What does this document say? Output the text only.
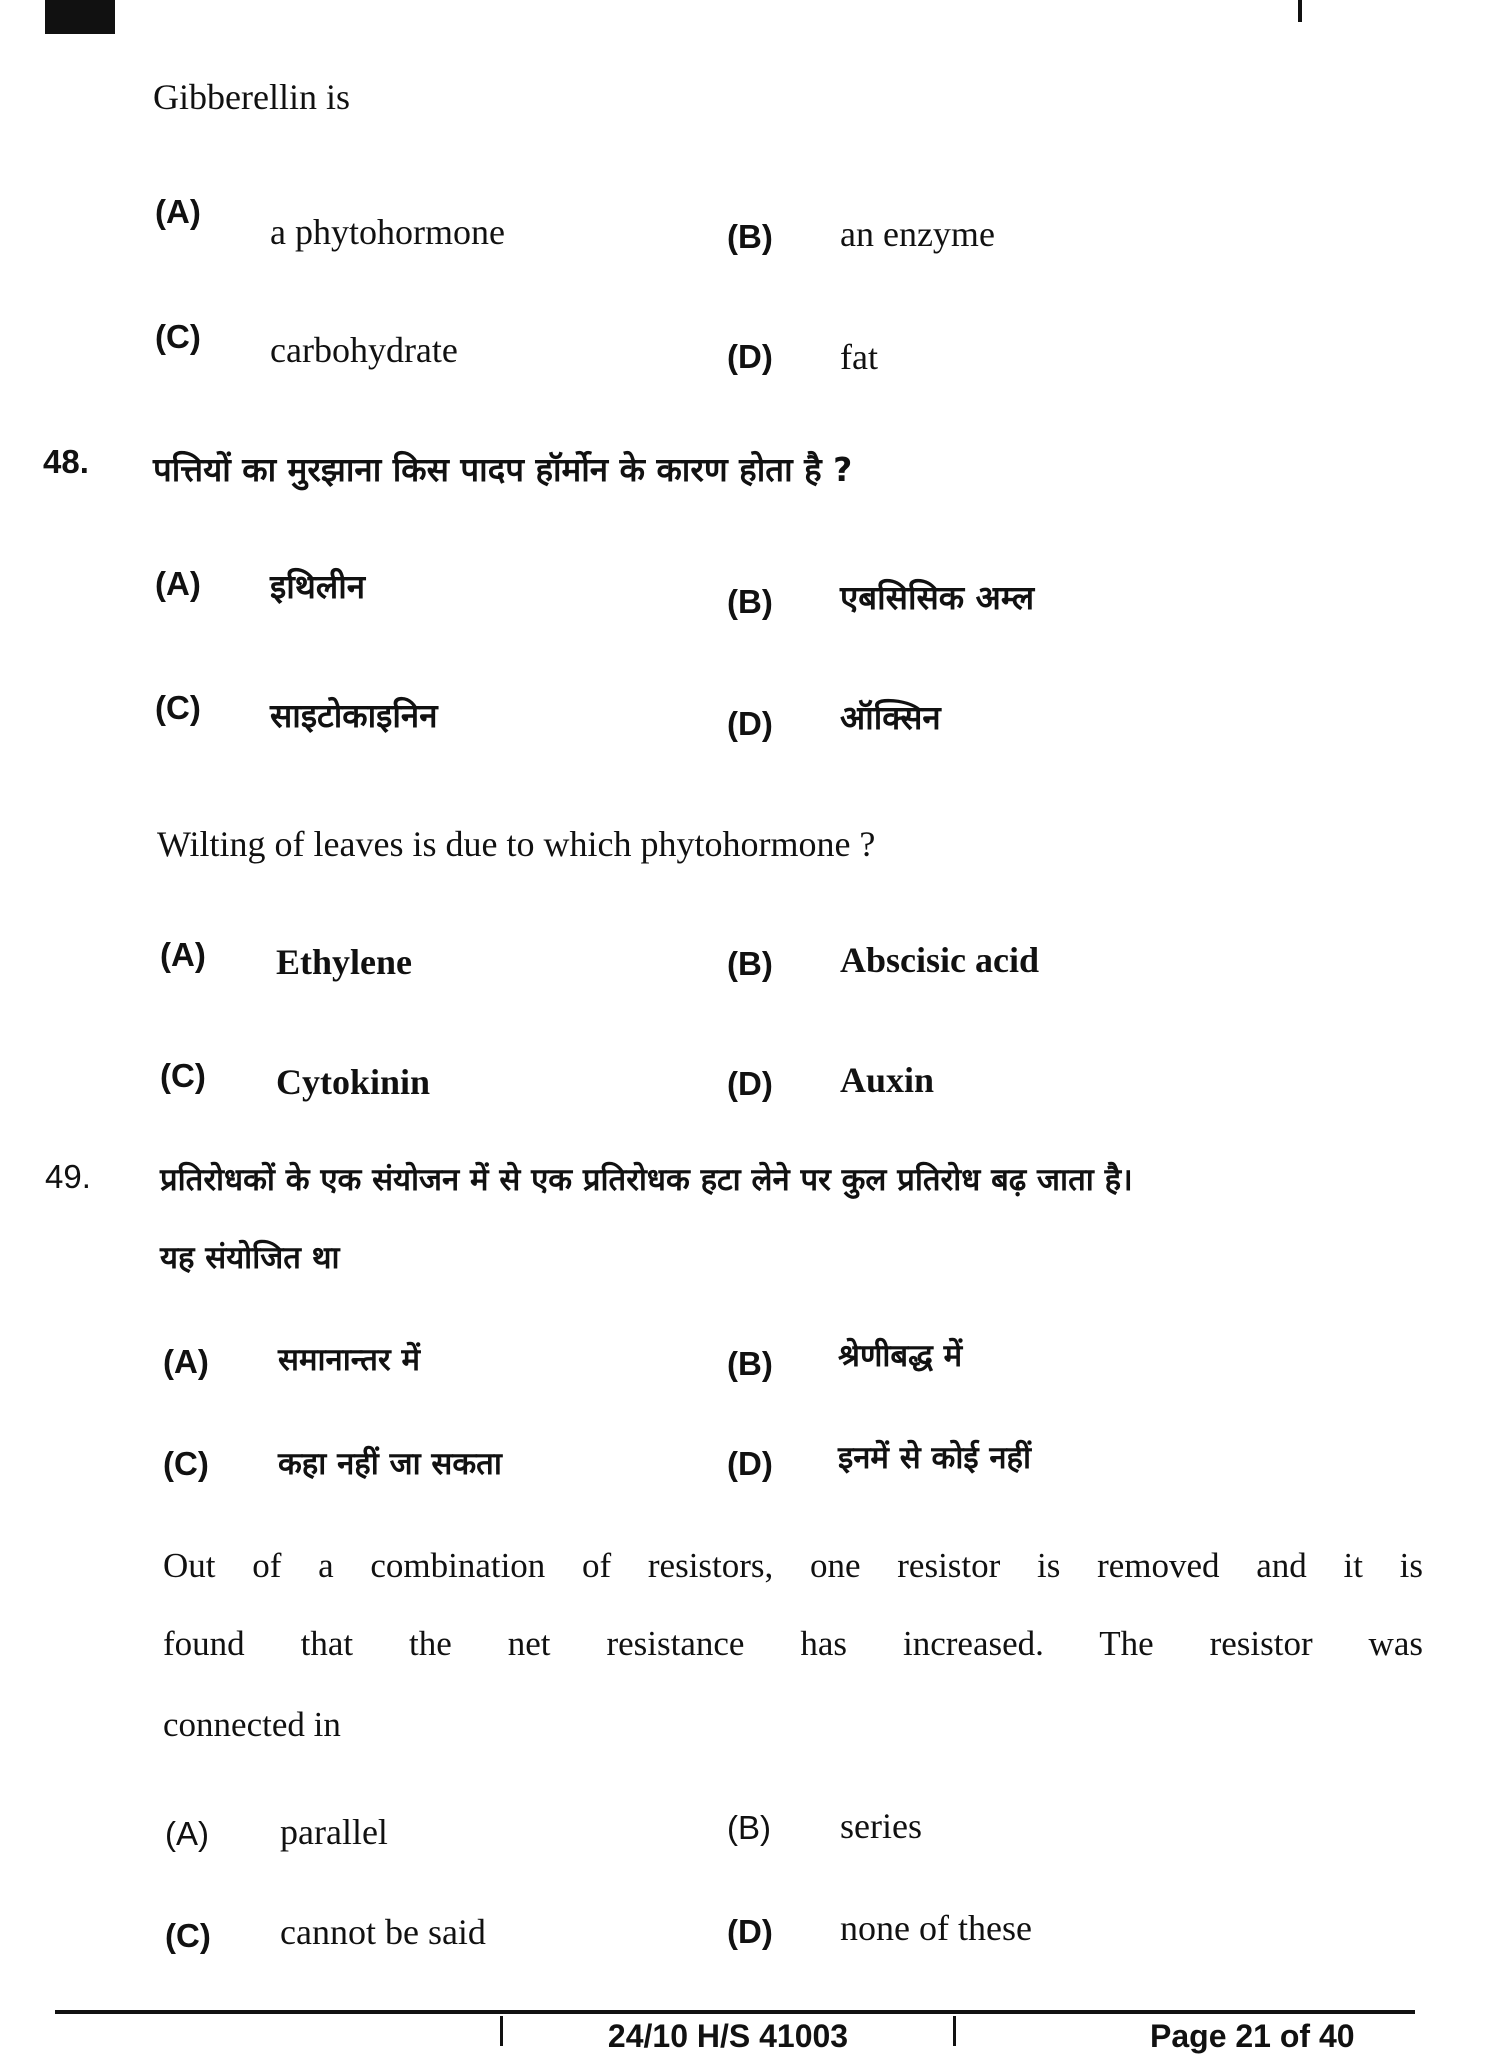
Gibberellin is
(A)
a phytohormone	(B) an enzyme
(C) carbohydrate	(D) fat
48. पत्तियों का मुरझाना किस पादप हॉर्मोन के कारण होता है ?
(A) इथिलीन	(B) एबसिसिक अम्ल
(C) साइटोकाइनिन	(D) ऑक्सिन
Wilting of leaves is due to which phytohormone ?
(A) Ethylene	(B) Abscisic acid
(C) Cytokinin	(D) Auxin
49. प्रतिरोधकों के एक संयोजन में से एक प्रतिरोधक हटा लेने पर कुल प्रतिरोध बढ़ जाता है।
यह संयोजित था
(A) समानान्तर में	(B) श्रेणीबद्ध में
(C) कहा नहीं जा सकता	(D) इनमें से कोई नहीं
Out of a combination of resistors, one resistor is removed and it is
found that the net resistance has increased. The resistor was
connected in
(A) parallel	(B) series
(C) cannot be said	(D) none of these
24/10 H/S 41003	Page 21 of 40
